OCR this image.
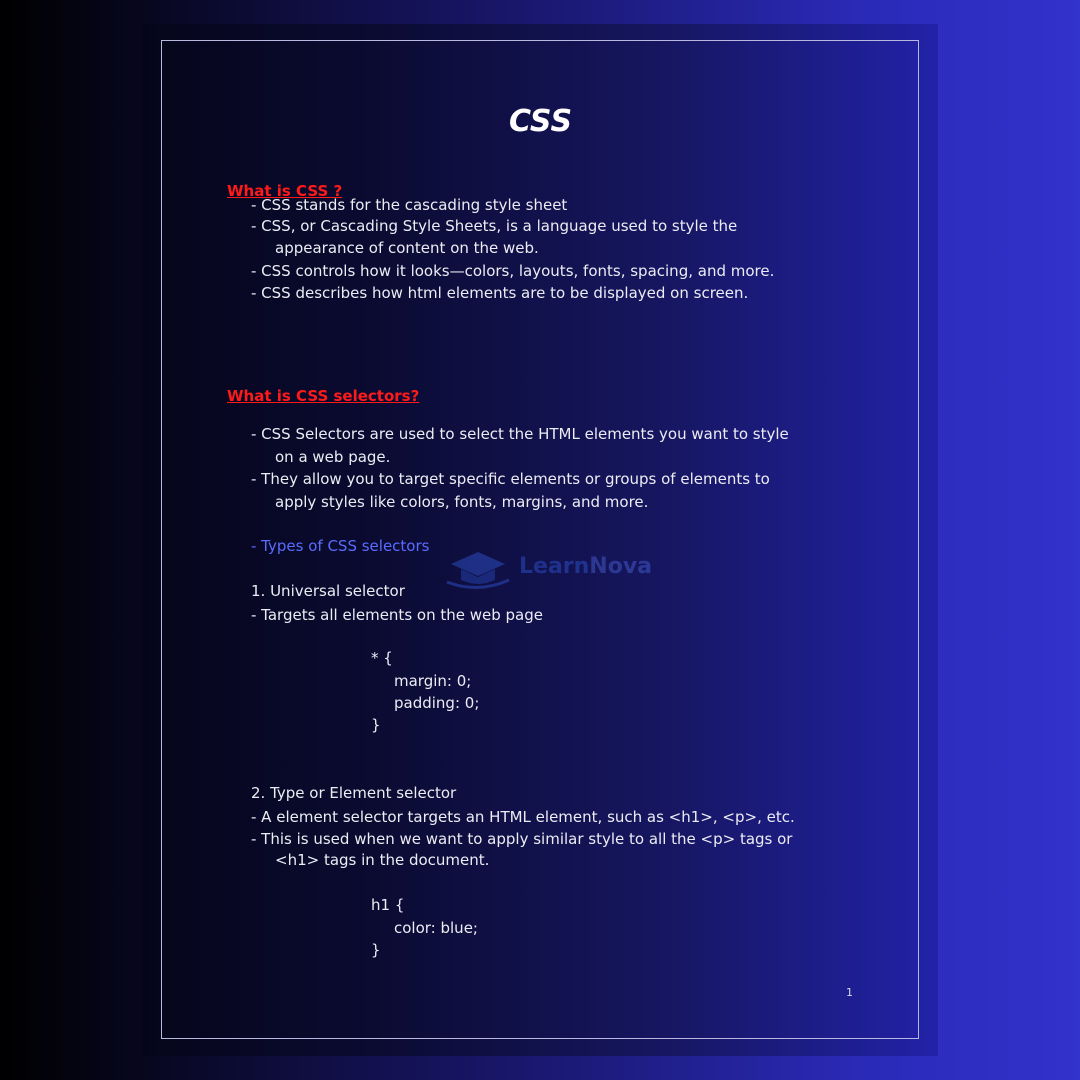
CSS
What is CSS ?
- CSS stands for the cascading style sheet
- CSS, or Cascading Style Sheets, is a language used to style the
appearance of content on the web.
- CSS controls how it looks—colors, layouts, fonts, spacing, and more.
- CSS describes how html elements are to be displayed on screen.
What is CSS selectors?
- CSS Selectors are used to select the HTML elements you want to style
on a web page.
- They allow you to target specific elements or groups of elements to
apply styles like colors, fonts, margins, and more.
- Types of CSS selectors
LearnNova
1. Universal selector
- Targets all elements on the web page
* {
margin: 0;
padding: 0;
}
2. Type or Element selector
- A element selector targets an HTML element, such as <h1>, <p>, etc.
- This is used when we want to apply similar style to all the <p> tags or
<h1> tags in the document.
h1 {
color: blue;
}
1
